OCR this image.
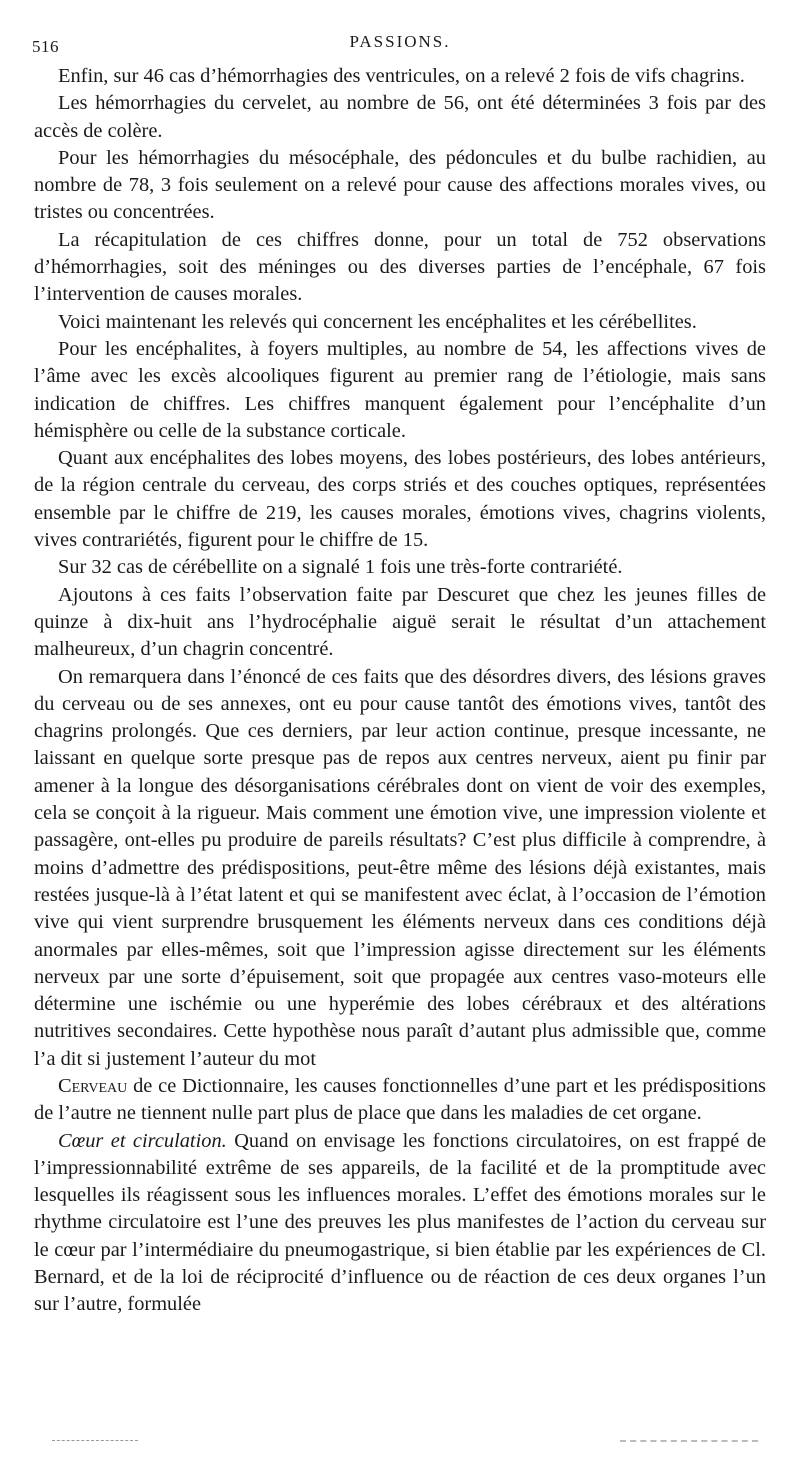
516	PASSIONS.

Enfin, sur 46 cas d’hémorrhagies des ventricules, on a relevé 2 fois de vifs chagrins.

Les hémorrhagies du cervelet, au nombre de 56, ont été déterminées 3 fois par des accès de colère.

Pour les hémorrhagies du mésocéphale, des pédoncules et du bulbe rachidien, au nombre de 78, 3 fois seulement on a relevé pour cause des affections morales vives, ou tristes ou concentrées.

La récapitulation de ces chiffres donne, pour un total de 752 observations d’hémorrhagies, soit des méninges ou des diverses parties de l’encéphale, 67 fois l’intervention de causes morales.

Voici maintenant les relevés qui concernent les encéphalites et les cérébellites.

Pour les encéphalites, à foyers multiples, au nombre de 54, les affections vives de l’âme avec les excès alcooliques figurent au premier rang de l’étiologie, mais sans indication de chiffres. Les chiffres manquent également pour l’encéphalite d’un hémisphère ou celle de la substance corticale.

Quant aux encéphalites des lobes moyens, des lobes postérieurs, des lobes antérieurs, de la région centrale du cerveau, des corps striés et des couches optiques, représentées ensemble par le chiffre de 219, les causes morales, émotions vives, chagrins violents, vives contrariétés, figurent pour le chiffre de 15.

Sur 32 cas de cérébellite on a signalé 1 fois une très-forte contrariété.

Ajoutons à ces faits l’observation faite par Descuret que chez les jeunes filles de quinze à dix-huit ans l’hydrocéphalie aiguë serait le résultat d’un attachement malheureux, d’un chagrin concentré.

On remarquera dans l’énoncé de ces faits que des désordres divers, des lésions graves du cerveau ou de ses annexes, ont eu pour cause tantôt des émotions vives, tantôt des chagrins prolongés. Que ces derniers, par leur action continue, presque incessante, ne laissant en quelque sorte presque pas de repos aux centres nerveux, aient pu finir par amener à la longue des désorganisations cérébrales dont on vient de voir des exemples, cela se conçoit à la rigueur. Mais comment une émotion vive, une impression violente et passagère, ont-elles pu produire de pareils résultats? C’est plus difficile à comprendre, à moins d’admettre des prédispositions, peut-être même des lésions déjà existantes, mais restées jusque-là à l’état latent et qui se manifestent avec éclat, à l’occasion de l’émotion vive qui vient surprendre brusquement les éléments nerveux dans ces conditions déjà anormales par elles-mêmes, soit que l’impression agisse directement sur les éléments nerveux par une sorte d’épuisement, soit que propagée aux centres vaso-moteurs elle détermine une ischémie ou une hyperémie des lobes cérébraux et des altérations nutritives secondaires. Cette hypothèse nous paraît d’autant plus admissible que, comme l’a dit si justement l’auteur du mot

Cerveau de ce Dictionnaire, les causes fonctionnelles d’une part et les prédispositions de l’autre ne tiennent nulle part plus de place que dans les maladies de cet organe.

Cœur et circulation. Quand on envisage les fonctions circulatoires, on est frappé de l’impressionnabilité extrême de ses appareils, de la facilité et de la promptitude avec lesquelles ils réagissent sous les influences morales. L’effet des émotions morales sur le rhythme circulatoire est l’une des preuves les plus manifestes de l’action du cerveau sur le cœur par l’intermédiaire du pneumogastrique, si bien établie par les expériences de Cl. Bernard, et de la loi de réciprocité d’influence ou de réaction de ces deux organes l’un sur l’autre, formulée
